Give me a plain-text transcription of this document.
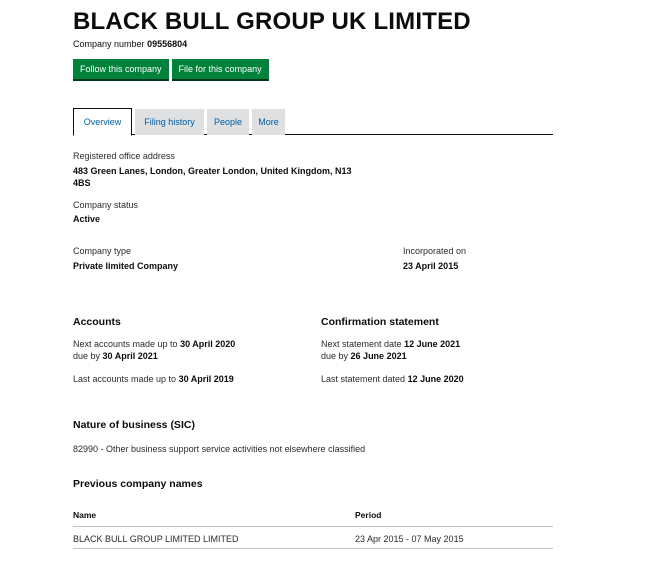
BLACK BULL GROUP UK LIMITED
Company number 09556804
Follow this company	File for this company
Overview	Filing history	People	More
Registered office address
483 Green Lanes, London, Greater London, United Kingdom, N13
4BS
Company status
Active
Company type
Private limited Company
Incorporated on
23 April 2015
Accounts
Next accounts made up to 30 April 2020
due by 30 April 2021
Last accounts made up to 30 April 2019
Confirmation statement
Next statement date 12 June 2021
due by 26 June 2021
Last statement dated 12 June 2020
Nature of business (SIC)
82990 - Other business support service activities not elsewhere classified
Previous company names
Name	Period
BLACK BULL GROUP LIMITED LIMITED	23 Apr 2015 - 07 May 2015
